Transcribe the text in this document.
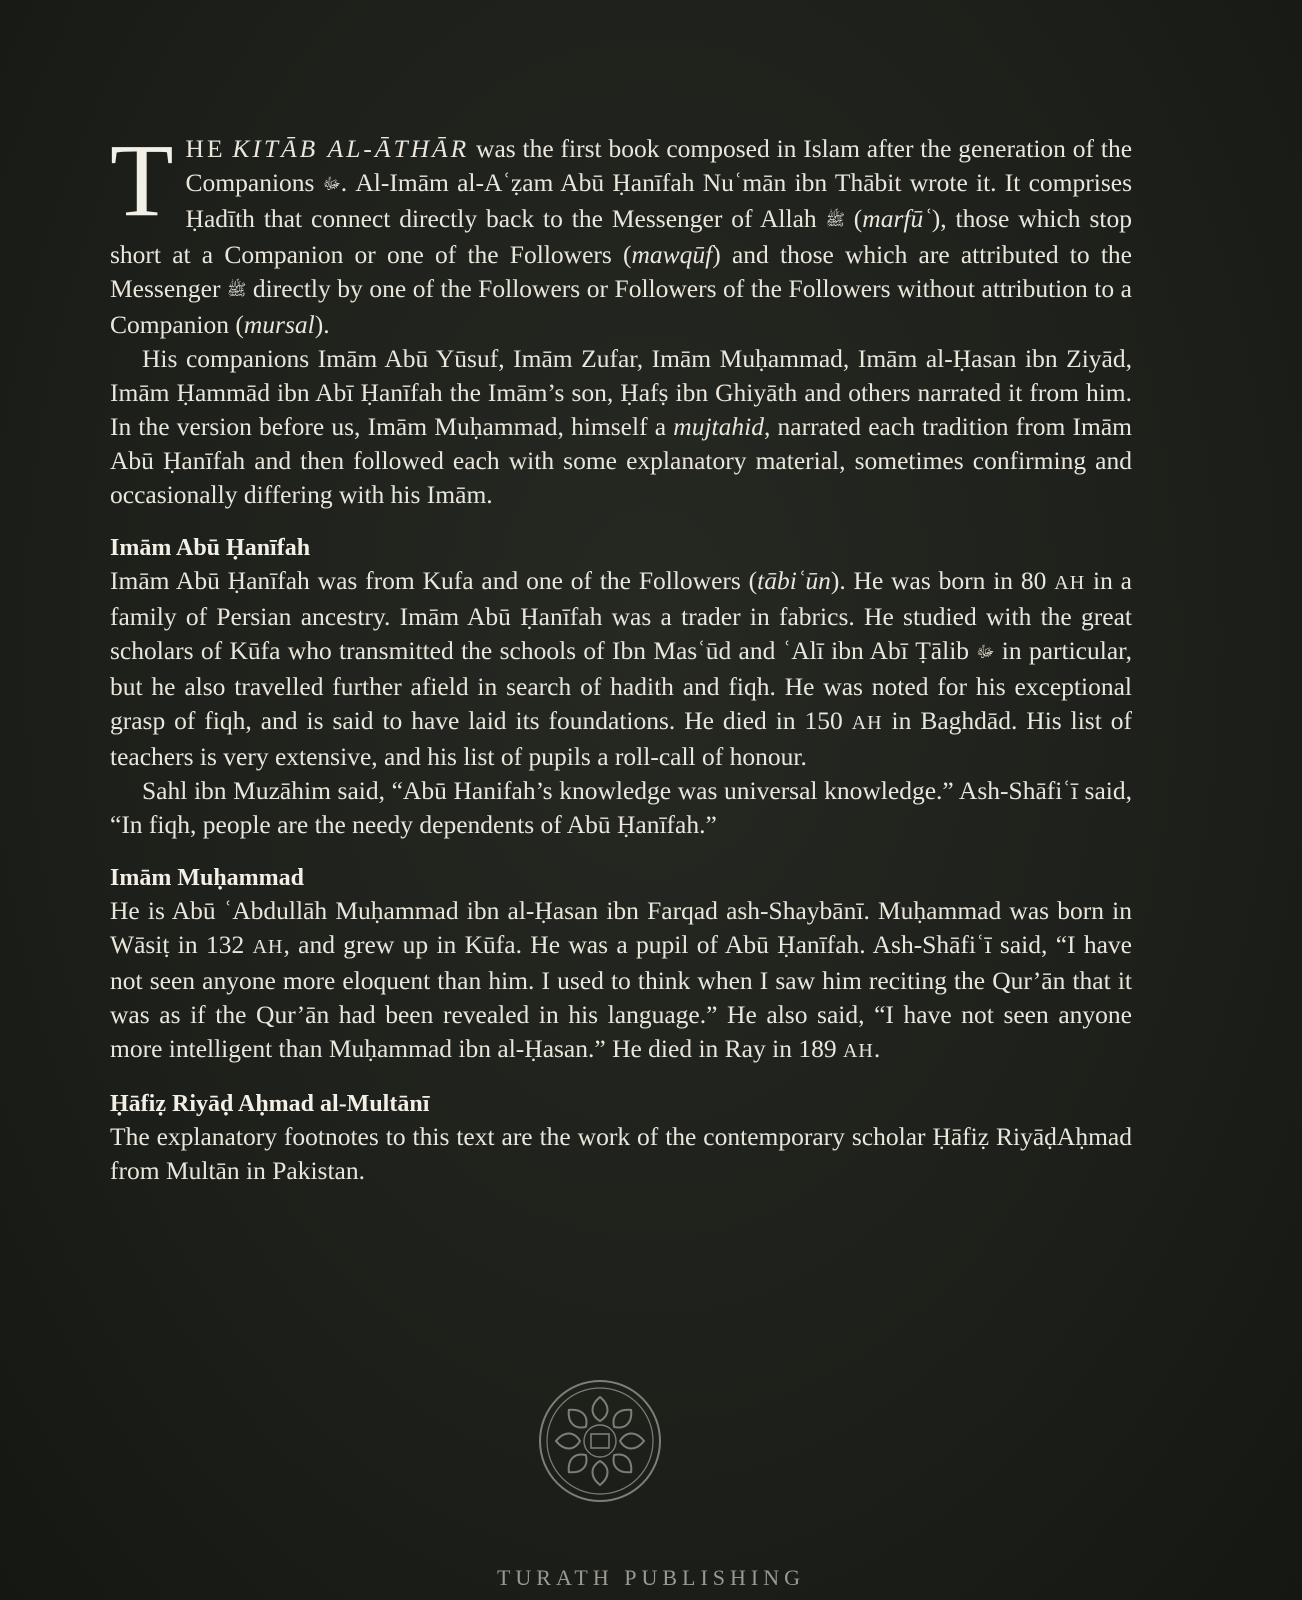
THE KITĀB AL-ĀTHĀR was the first book composed in Islam after the generation of the Companions ﷻ. Al-Imām al-Aʿẓam Abū Ḥanīfah Nuʿmān ibn Thābit wrote it. It comprises Ḥadīth that connect directly back to the Messenger of Allah ﷺ (marfūʿ), those which stop short at a Companion or one of the Followers (mawqūf) and those which are attributed to the Messenger ﷺ directly by one of the Followers or Followers of the Followers without attribution to a Companion (mursal).

His companions Imām Abū Yūsuf, Imām Zufar, Imām Muḥammad, Imām al-Ḥasan ibn Ziyād, Imām Ḥammād ibn Abī Ḥanīfah the Imām’s son, Ḥafṣ ibn Ghiyāth and others narrated it from him. In the version before us, Imām Muḥammad, himself a mujtahid, narrated each tradition from Imām Abū Ḥanīfah and then followed each with some explanatory material, sometimes confirming and occasionally differing with his Imām.

Imām Abū Ḥanīfah

Imām Abū Ḥanīfah was from Kufa and one of the Followers (tābiʿūn). He was born in 80 AH in a family of Persian ancestry. Imām Abū Ḥanīfah was a trader in fabrics. He studied with the great scholars of Kūfa who transmitted the schools of Ibn Masʿūd and ʿAlī ibn Abī Ṭālib ﷻ in particular, but he also travelled further afield in search of hadith and fiqh. He was noted for his exceptional grasp of fiqh, and is said to have laid its foundations. He died in 150 AH in Baghdād. His list of teachers is very extensive, and his list of pupils a roll-call of honour.

Sahl ibn Muzāhim said, “Abū Hanifah’s knowledge was universal knowledge.” Ash-Shāfiʿī said, “In fiqh, people are the needy dependents of Abū Ḥanīfah.”

Imām Muḥammad

He is Abū ʿAbdullāh Muḥammad ibn al-Ḥasan ibn Farqad ash-Shaybānī. Muḥammad was born in Wāsiṭ in 132 AH, and grew up in Kūfa. He was a pupil of Abū Ḥanīfah. Ash-Shāfiʿī said, “I have not seen anyone more eloquent than him. I used to think when I saw him reciting the Qur’ān that it was as if the Qur’ān had been revealed in his language.” He also said, “I have not seen anyone more intelligent than Muḥammad ibn al-Ḥasan.” He died in Ray in 189 AH.

Ḥāfiẓ Riyāḍ Aḥmad al-Multānī

The explanatory footnotes to this text are the work of the contemporary scholar Ḥāfiẓ RiyāḍAḥmad from Multān in Pakistan.

TURATH PUBLISHING
